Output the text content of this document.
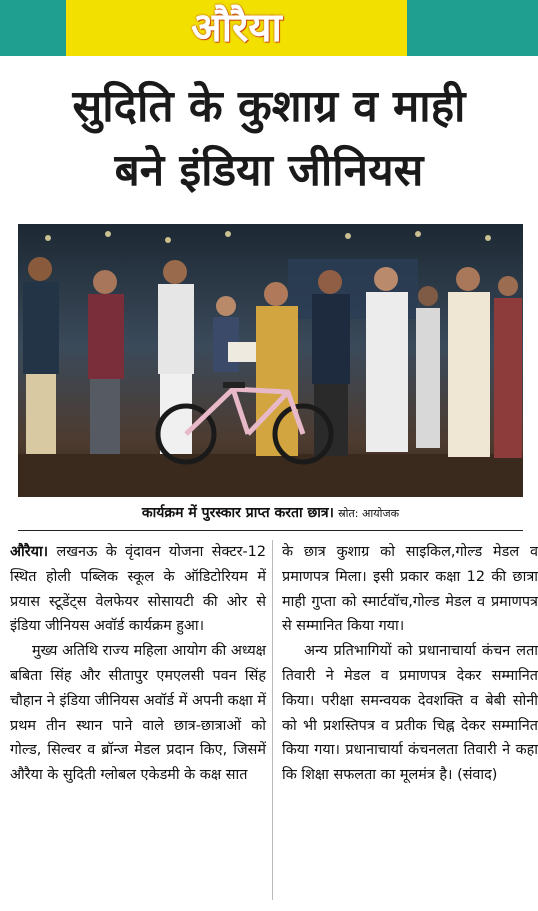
औरैया
सुदिति के कुशाग्र व माही
बने इंडिया जीनियस
कार्यक्रम में पुरस्कार प्राप्त करता छात्र। स्रोत: आयोजक

औरैया। लखनऊ के वृंदावन योजना सेक्टर-12 स्थित होली पब्लिक स्कूल के ऑडिटोरियम में प्रयास स्टूडेंट्स वेलफेयर सोसायटी की ओर से इंडिया जीनियस अवॉर्ड कार्यक्रम हुआ।

मुख्य अतिथि राज्य महिला आयोग की अध्यक्ष बबिता सिंह और सीतापुर एमएलसी पवन सिंह चौहान ने इंडिया जीनियस अवॉर्ड में अपनी कक्षा में प्रथम तीन स्थान पाने वाले छात्र-छात्राओं को गोल्ड, सिल्वर व ब्रॉन्ज मेडल प्रदान किए, जिसमें औरैया के सुदिती ग्लोबल एकेडमी के कक्ष सात

के छात्र कुशाग्र को साइकिल,गोल्ड मेडल व प्रमाणपत्र मिला। इसी प्रकार कक्षा 12 की छात्रा माही गुप्ता को स्मार्टवॉच,गोल्ड मेडल व प्रमाणपत्र से सम्मानित किया गया।

अन्य प्रतिभागियों को प्रधानाचार्या कंचन लता तिवारी ने मेडल व प्रमाणपत्र देकर सम्मानित किया। परीक्षा समन्वयक देवशक्ति व बेबी सोनी को भी प्रशस्तिपत्र व प्रतीक चिह्न देकर सम्मानित किया गया। प्रधानाचार्या कंचनलता तिवारी ने कहा कि शिक्षा सफलता का मूलमंत्र है। (संवाद)
